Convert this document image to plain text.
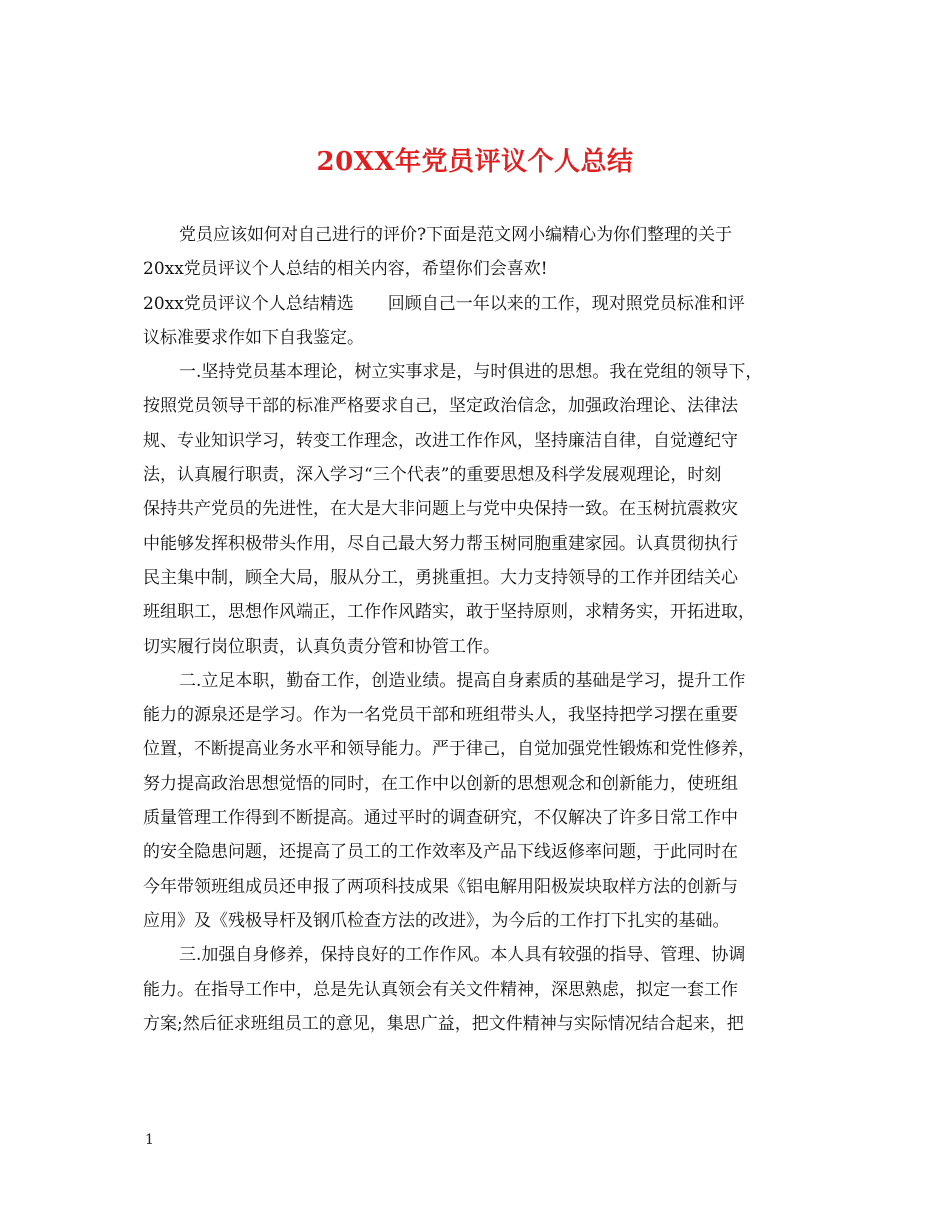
20XX年党员评议个人总结
党员应该如何对自己进行的评价?下面是范文网小编精心为你们整理的关于
20xx党员评议个人总结的相关内容，希望你们会喜欢!
20xx党员评议个人总结精选　　回顾自己一年以来的工作，现对照党员标准和评
议标准要求作如下自我鉴定。
一.坚持党员基本理论，树立实事求是，与时俱进的思想。我在党组的领导下，
按照党员领导干部的标准严格要求自己，坚定政治信念，加强政治理论、法律法
规、专业知识学习，转变工作理念，改进工作作风，坚持廉洁自律，自觉遵纪守
法，认真履行职责，深入学习“三个代表”的重要思想及科学发展观理论，时刻
保持共产党员的先进性，在大是大非问题上与党中央保持一致。在玉树抗震救灾
中能够发挥积极带头作用，尽自己最大努力帮玉树同胞重建家园。认真贯彻执行
民主集中制，顾全大局，服从分工，勇挑重担。大力支持领导的工作并团结关心
班组职工，思想作风端正，工作作风踏实，敢于坚持原则，求精务实，开拓进取，
切实履行岗位职责，认真负责分管和协管工作。
二.立足本职，勤奋工作，创造业绩。提高自身素质的基础是学习，提升工作
能力的源泉还是学习。作为一名党员干部和班组带头人，我坚持把学习摆在重要
位置，不断提高业务水平和领导能力。严于律己，自觉加强党性锻炼和党性修养，
努力提高政治思想觉悟的同时，在工作中以创新的思想观念和创新能力，使班组
质量管理工作得到不断提高。通过平时的调查研究，不仅解决了许多日常工作中
的安全隐患问题，还提高了员工的工作效率及产品下线返修率问题，于此同时在
今年带领班组成员还申报了两项科技成果《铝电解用阳极炭块取样方法的创新与
应用》及《残极导杆及钢爪检查方法的改进》，为今后的工作打下扎实的基础。
三.加强自身修养，保持良好的工作作风。本人具有较强的指导、管理、协调
能力。在指导工作中，总是先认真领会有关文件精神，深思熟虑，拟定一套工作
方案;然后征求班组员工的意见，集思广益，把文件精神与实际情况结合起来，把
1
